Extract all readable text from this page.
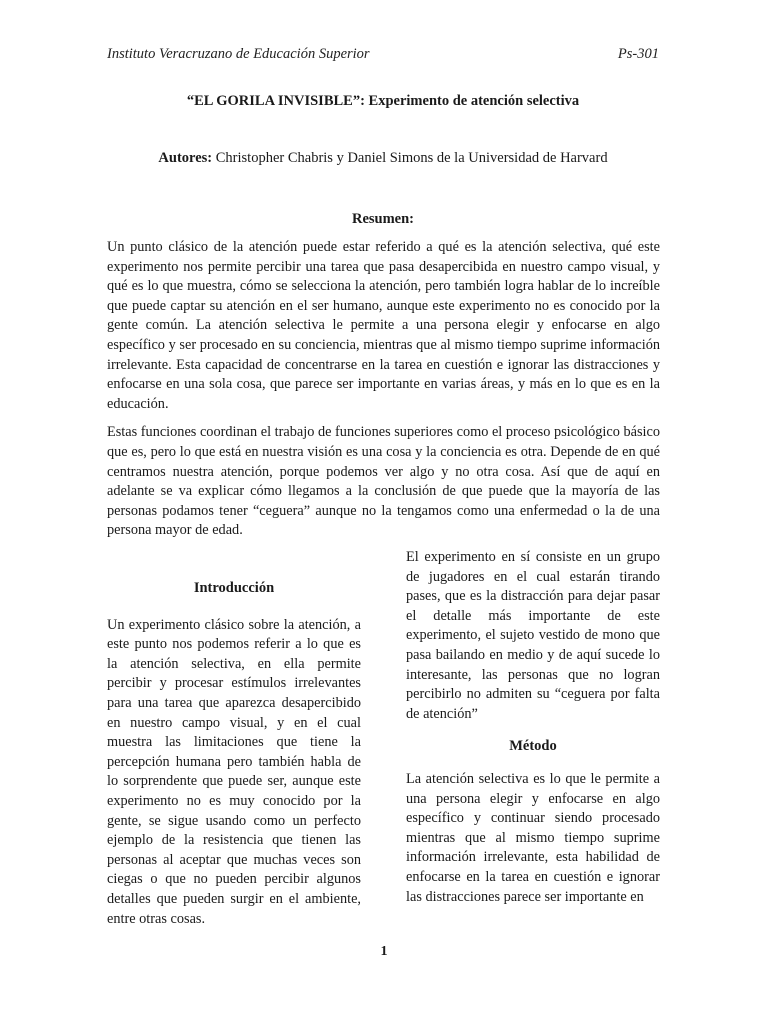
Instituto Veracruzano de Educación Superior	Ps-301
“EL GORILA INVISIBLE”: Experimento de atención selectiva
Autores: Christopher Chabris y Daniel Simons de la Universidad de Harvard
Resumen:

Un punto clásico de la atención puede estar referido a qué es la atención selectiva, qué este experimento nos permite percibir una tarea que pasa desapercibida en nuestro campo visual, y qué es lo que muestra, cómo se selecciona la atención, pero también logra hablar de lo increíble que puede captar su atención en el ser humano, aunque este experimento no es conocido por la gente común. La atención selectiva le permite a una persona elegir y enfocarse en algo específico y ser procesado en su conciencia, mientras que al mismo tiempo suprime información irrelevante. Esta capacidad de concentrarse en la tarea en cuestión e ignorar las distracciones y enfocarse en una sola cosa, que parece ser importante en varias áreas, y más en lo que es en la educación.

Estas funciones coordinan el trabajo de funciones superiores como el proceso psicológico básico que es, pero lo que está en nuestra visión es una cosa y la conciencia es otra. Depende de en qué centramos nuestra atención, porque podemos ver algo y no otra cosa. Así que de aquí en adelante se va explicar cómo llegamos a la conclusión de que puede que la mayoría de las personas podamos tener “ceguera” aunque no la tengamos como una enfermedad o la de una persona mayor de edad.

Introducción

Un experimento clásico sobre la atención, a este punto nos podemos referir a lo que es la atención selectiva, en ella permite percibir y procesar estímulos irrelevantes para una tarea que aparezca desapercibido en nuestro campo visual, y en el cual muestra las limitaciones que tiene la percepción humana pero también habla de lo sorprendente que puede ser, aunque este experimento no es muy conocido por la gente, se sigue usando como un perfecto ejemplo de la resistencia que tienen las personas al aceptar que muchas veces son ciegas o que no pueden percibir algunos detalles que pueden surgir en el ambiente, entre otras cosas.

El experimento en sí consiste en un grupo de jugadores en el cual estarán tirando pases, que es la distracción para dejar pasar el detalle más importante de este experimento, el sujeto vestido de mono que pasa bailando en medio y de aquí sucede lo interesante, las personas que no logran percibirlo no admiten su “ceguera por falta de atención”

Método

La atención selectiva es lo que le permite a una persona elegir y enfocarse en algo específico y continuar siendo procesado mientras que al mismo tiempo suprime información irrelevante, esta habilidad de enfocarse en la tarea en cuestión e ignorar las distracciones parece ser importante en

1
